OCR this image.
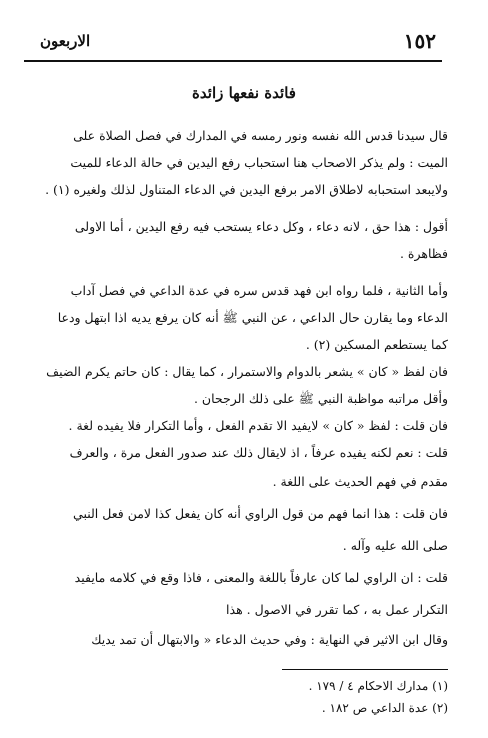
١٥٢
الاربعون
فائدة نفعها زائدة
قال سيدنا قدس الله نفسه ونور رمسه في المدارك في فصل الصلاة على
الميت : ولم يذكر الاصحاب هنا استحباب رفع اليدين في حالة الدعاء للميت
ولايبعد استحبابه لاطلاق الامر برفع اليدين في الدعاء المتناول لذلك ولغيره (١) .
أقول : هذا حق ، لانه دعاء ، وكل دعاء يستحب فيه رفع اليدين ، أما الاولى
فظاهرة .
وأما الثانية ، فلما رواه ابن فهد قدس سره في عدة الداعي في فصل آداب
الدعاء وما يقارن حال الداعي ، عن النبي ﷺ أنه كان يرفع يديه اذا ابتهل ودعا
كما يستطعم المسكين (٢) .
فان لفظ « كان » يشعر بالدوام والاستمرار ، كما يقال : كان حاتم يكرم الضيف
وأقل مراتبه مواظبة النبي ﷺ على ذلك الرجحان .
فان قلت : لفظ « كان » لايفيد الا تقدم الفعل ، وأما التكرار فلا يفيده لغة .
قلت : نعم لكنه يفيده عرفاً ، اذ لايقال ذلك عند صدور الفعل مرة ، والعرف
مقدم في فهم الحديث على اللغة .
فان قلت : هذا انما فهم من قول الراوي أنه كان يفعل كذا لامن فعل النبي
صلى الله عليه وآله .
قلت : ان الراوي لما كان عارفاً باللغة والمعنى ، فاذا وقع في كلامه مايفيد
التكرار عمل به ، كما تقرر في الاصول . هذا
وقال ابن الاثير في النهاية : وفي حديث الدعاء « والابتهال أن تمد يديك
(١) مدارك الاحكام ٤ / ١٧٩ .
(٢) عدة الداعي ص ١٨٢ .
